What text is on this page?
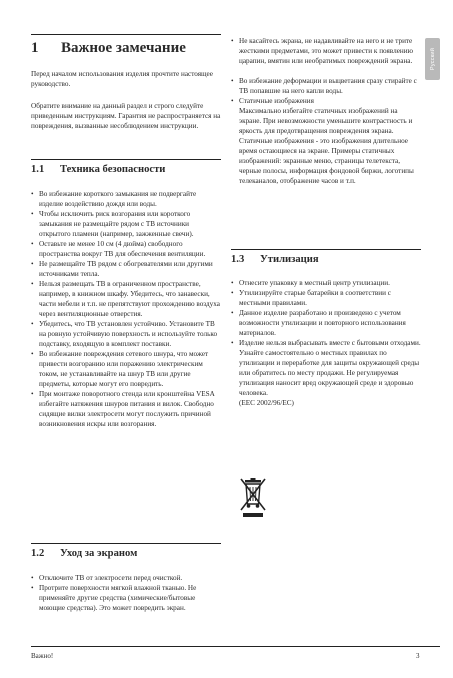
Русский
1 Важное замечание

Перед началом использования изделия прочтите настоящее руководство.

Обратите внимание на данный раздел и строго следуйте приведенным инструкциям. Гарантия не распространяется на повреждения, вызванные несоблюдением инструкции.

1.1 Техника безопасности
• Во избежание короткого замыкания не подвергайте изделие воздействию дождя или воды.
• Чтобы исключить риск возгорания или короткого замыкания не размещайте рядом с ТВ источники открытого пламени (например, зажженные свечи).
• Оставьте не менее 10 см (4 дюйма) свободного пространства вокруг ТВ для обеспечения вентиляции.
• Не размещайте ТВ рядом с обогревателями или другими источниками тепла.
• Нельзя размещать ТВ в ограниченном пространстве, например, в книжном шкафу. Убедитесь, что занавески, части мебели и т.п. не препятствуют прохождению воздуха через вентиляционные отверстия.
• Убедитесь, что ТВ установлен устойчиво. Установите ТВ на ровную устойчивую поверхность и используйте только подставку, входящую в комплект поставки.
• Во избежание повреждения сетевого шнура, что может привести возгоранию или поражению электрическим током, не устанавливайте на шнур ТВ или другие предметы, которые могут его повредить.
• При монтаже поворотного стенда или кронштейна VESA избегайте натяжения шнуров питания и вилок. Свободно сидящие вилки электросети могут послужить причиной возникновения искры или возгорания.
1.2 Уход за экраном
• Отключите ТВ от электросети перед очисткой.
• Протрите поверхности мягкой влажной тканью. Не применяйте другие средства (химические/бытовые моющие средства). Это может повредить экран.
• Не касайтесь экрана, не надавливайте на него и не трите жесткими предметами, это может привести к появлению царапин, вмятин или необратимых повреждений экрана.
• Во избежание деформации и выцветания сразу стирайте с ТВ попавшие на него капли воды.
• Статичные изображения
Максимально избегайте статичных изображений на экране. При невозможности уменьшите контрастность и яркость для предотвращения повреждения экрана. Статичные изображения - это изображения длительное время остающиеся на экране. Примеры статичных изображений: экранные меню, страницы телетекста, черные полосы, информация фондовой биржи, логотипы телеканалов, отображение часов и т.п.
1.3 Утилизация
• Отнесите упаковку в местный центр утилизации.
• Утилизируйте старые батарейки в соответствии с местными правилами.
• Данное изделие разработано и произведено с учетом возможности утилизации и повторного использования материалов.
• Изделие нельзя выбрасывать вместе с бытовыми отходами. Узнайте самостоятельно о местных правилах по утилизации и переработке для защиты окружающей среды или обратитесь по месту продажи. Не регулируемая утилизация наносит вред окружающей среде и здоровью человека.
(EEC 2002/96/EC)
Важно!	3
